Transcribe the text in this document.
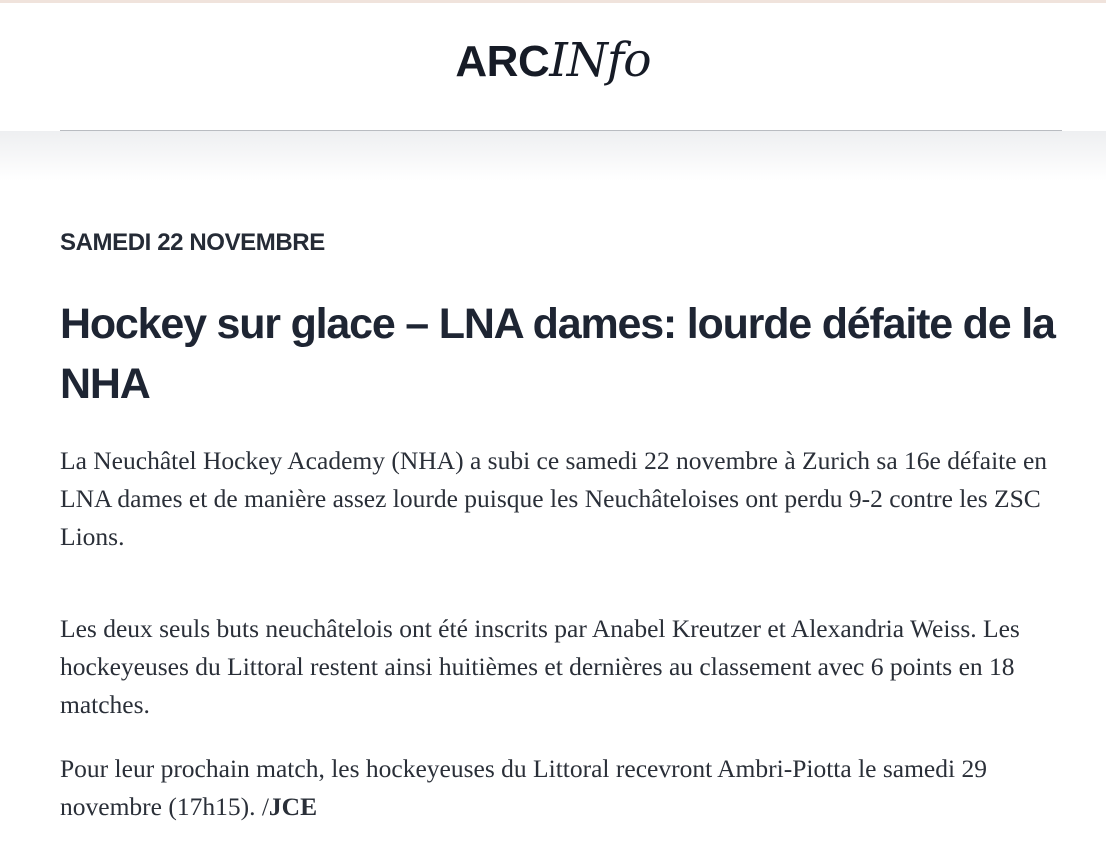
ARCINfo
SAMEDI 22 NOVEMBRE
Hockey sur glace – LNA dames: lourde défaite de la NHA

La Neuchâtel Hockey Academy (NHA) a subi ce samedi 22 novembre à Zurich sa 16e défaite en LNA dames et de manière assez lourde puisque les Neuchâteloises ont perdu 9-2 contre les ZSC Lions.

Les deux seuls buts neuchâtelois ont été inscrits par Anabel Kreutzer et Alexandria Weiss. Les hockeyeuses du Littoral restent ainsi huitièmes et dernières au classement avec 6 points en 18 matches.

Pour leur prochain match, les hockeyeuses du Littoral recevront Ambri-Piotta le samedi 29 novembre (17h15). /JCE
